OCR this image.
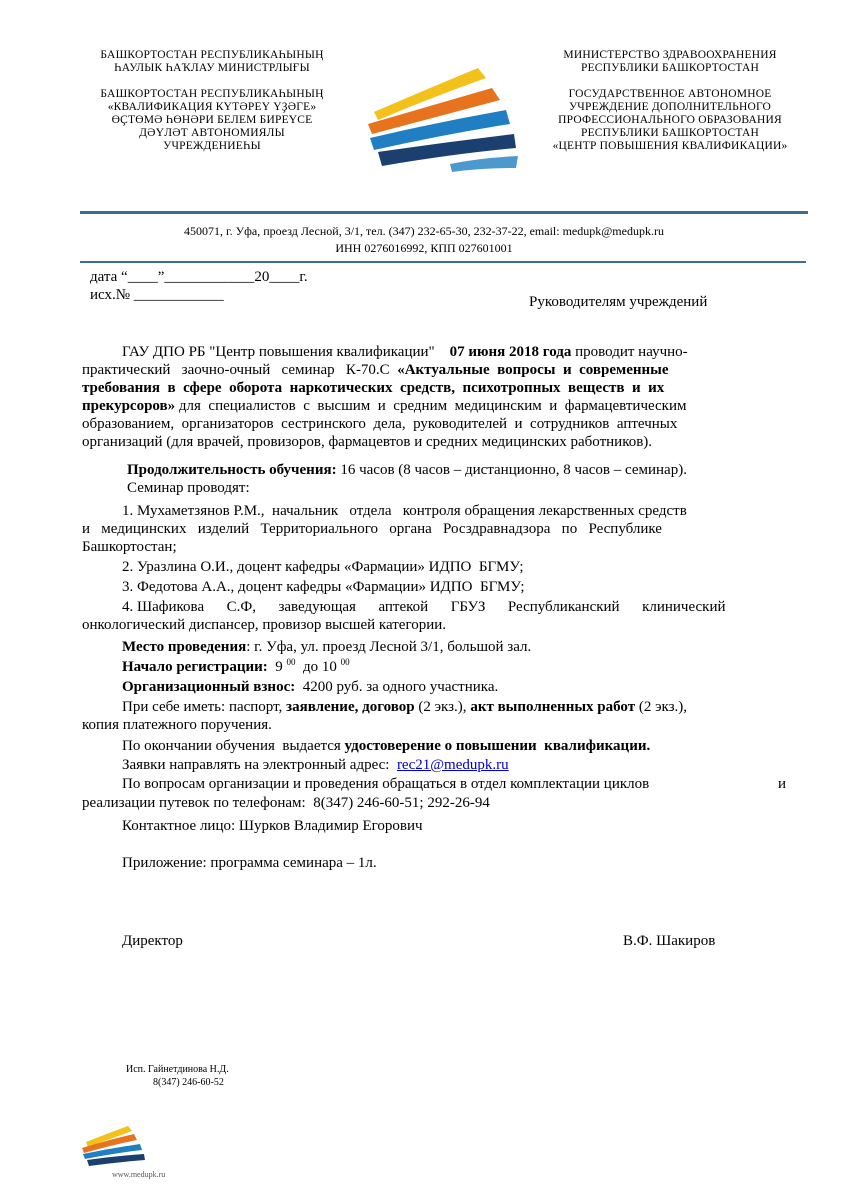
БАШКОРТОСТАН РЕСПУБЛИКАҺЫНЫҢ
ҺАУЛЫК ҺАҠЛАУ МИНИСТРЛЫҒЫ
БАШКОРТОСТАН РЕСПУБЛИКАҺЫНЫҢ
«КВАЛИФИКАЦИЯ КҮТӘРЕҮ ҮҘӘГЕ»
ӨҪТӨМӘ ҺӨНӘРИ БЕЛЕМ БИРЕҮСЕ
ДӘҮЛӘТ АВТОНОМИЯЛЫ
УЧРЕЖДЕНИЕҺЫ
МИНИСТЕРСТВО ЗДРАВООХРАНЕНИЯ
РЕСПУБЛИКИ БАШКОРТОСТАН
ГОСУДАРСТВЕННОЕ АВТОНОМНОЕ
УЧРЕЖДЕНИЕ ДОПОЛНИТЕЛЬНОГО
ПРОФЕССИОНАЛЬНОГО ОБРАЗОВАНИЯ
РЕСПУБЛИКИ БАШКОРТОСТАН
«ЦЕНТР ПОВЫШЕНИЯ КВАЛИФИКАЦИИ»
450071, г. Уфа, проезд Лесной, 3/1, тел. (347) 232-65-30, 232-37-22, email: medupk@medupk.ru
ИНН 0276016992, КПП 027601001
дата “____”____________20____г.
исх.№ ____________	Руководителям учреждений
ГАУ ДПО РБ "Центр повышения квалификации" 07 июня 2018 года проводит научно-
практический   заочно-очный   семинар   К-70.С «Актуальные  вопросы  и  современные
требования  в  сфере  оборота  наркотических  средств,  психотропных  веществ  и  их
прекурсоров» для  специалистов  с  высшим  и  средним  медицинским  и  фармацевтическим
образованием,  организаторов  сестринского  дела,  руководителей  и  сотрудников  аптечных
организаций (для врачей, провизоров, фармацевтов и средних медицинских работников).
Продолжительность обучения: 16 часов (8 часов – дистанционно, 8 часов – семинар).
Семинар проводят:
1. Мухаметзянов Р.М.,  начальник   отдела   контроля обращения лекарственных средств
и   медицинских   изделий   Территориального   органа   Росздравнадзора   по   Республике
Башкортостан;
2. Уразлина О.И., доцент кафедры «Фармации» ИДПО  БГМУ;
3. Федотова А.А., доцент кафедры «Фармации» ИДПО  БГМУ;
4. Шафикова      С.Ф,      заведующая      аптекой      ГБУЗ      Республиканский      клинический
онкологический диспансер, провизор высшей категории.
Место проведения: г. Уфа, ул. проезд Лесной 3/1, большой зал.
Начало регистрации: 9 $^{00}$ до 10 $^{00}$
Организационный взнос: 4200 руб. за одного участника.
При себе иметь: паспорт, заявление, договор (2 экз.), акт выполненных работ (2 экз.),
копия платежного поручения.
По окончании обучения  выдается удостоверение о повышении  квалификации.
Заявки направлять на электронный адрес: rec21@medupk.ru
По вопросам организации и проведения обращаться в отдел комплектации циклов	и
реализации путевок по телефонам:  8(347) 246-60-51; 292-26-94
Контактное лицо: Шурков Владимир Егорович
Приложение: программа семинара – 1л.
Директор	В.Ф. Шакиров
Исп. Гайнетдинова Н.Д.
8(347) 246-60-52
www.medupk.ru
